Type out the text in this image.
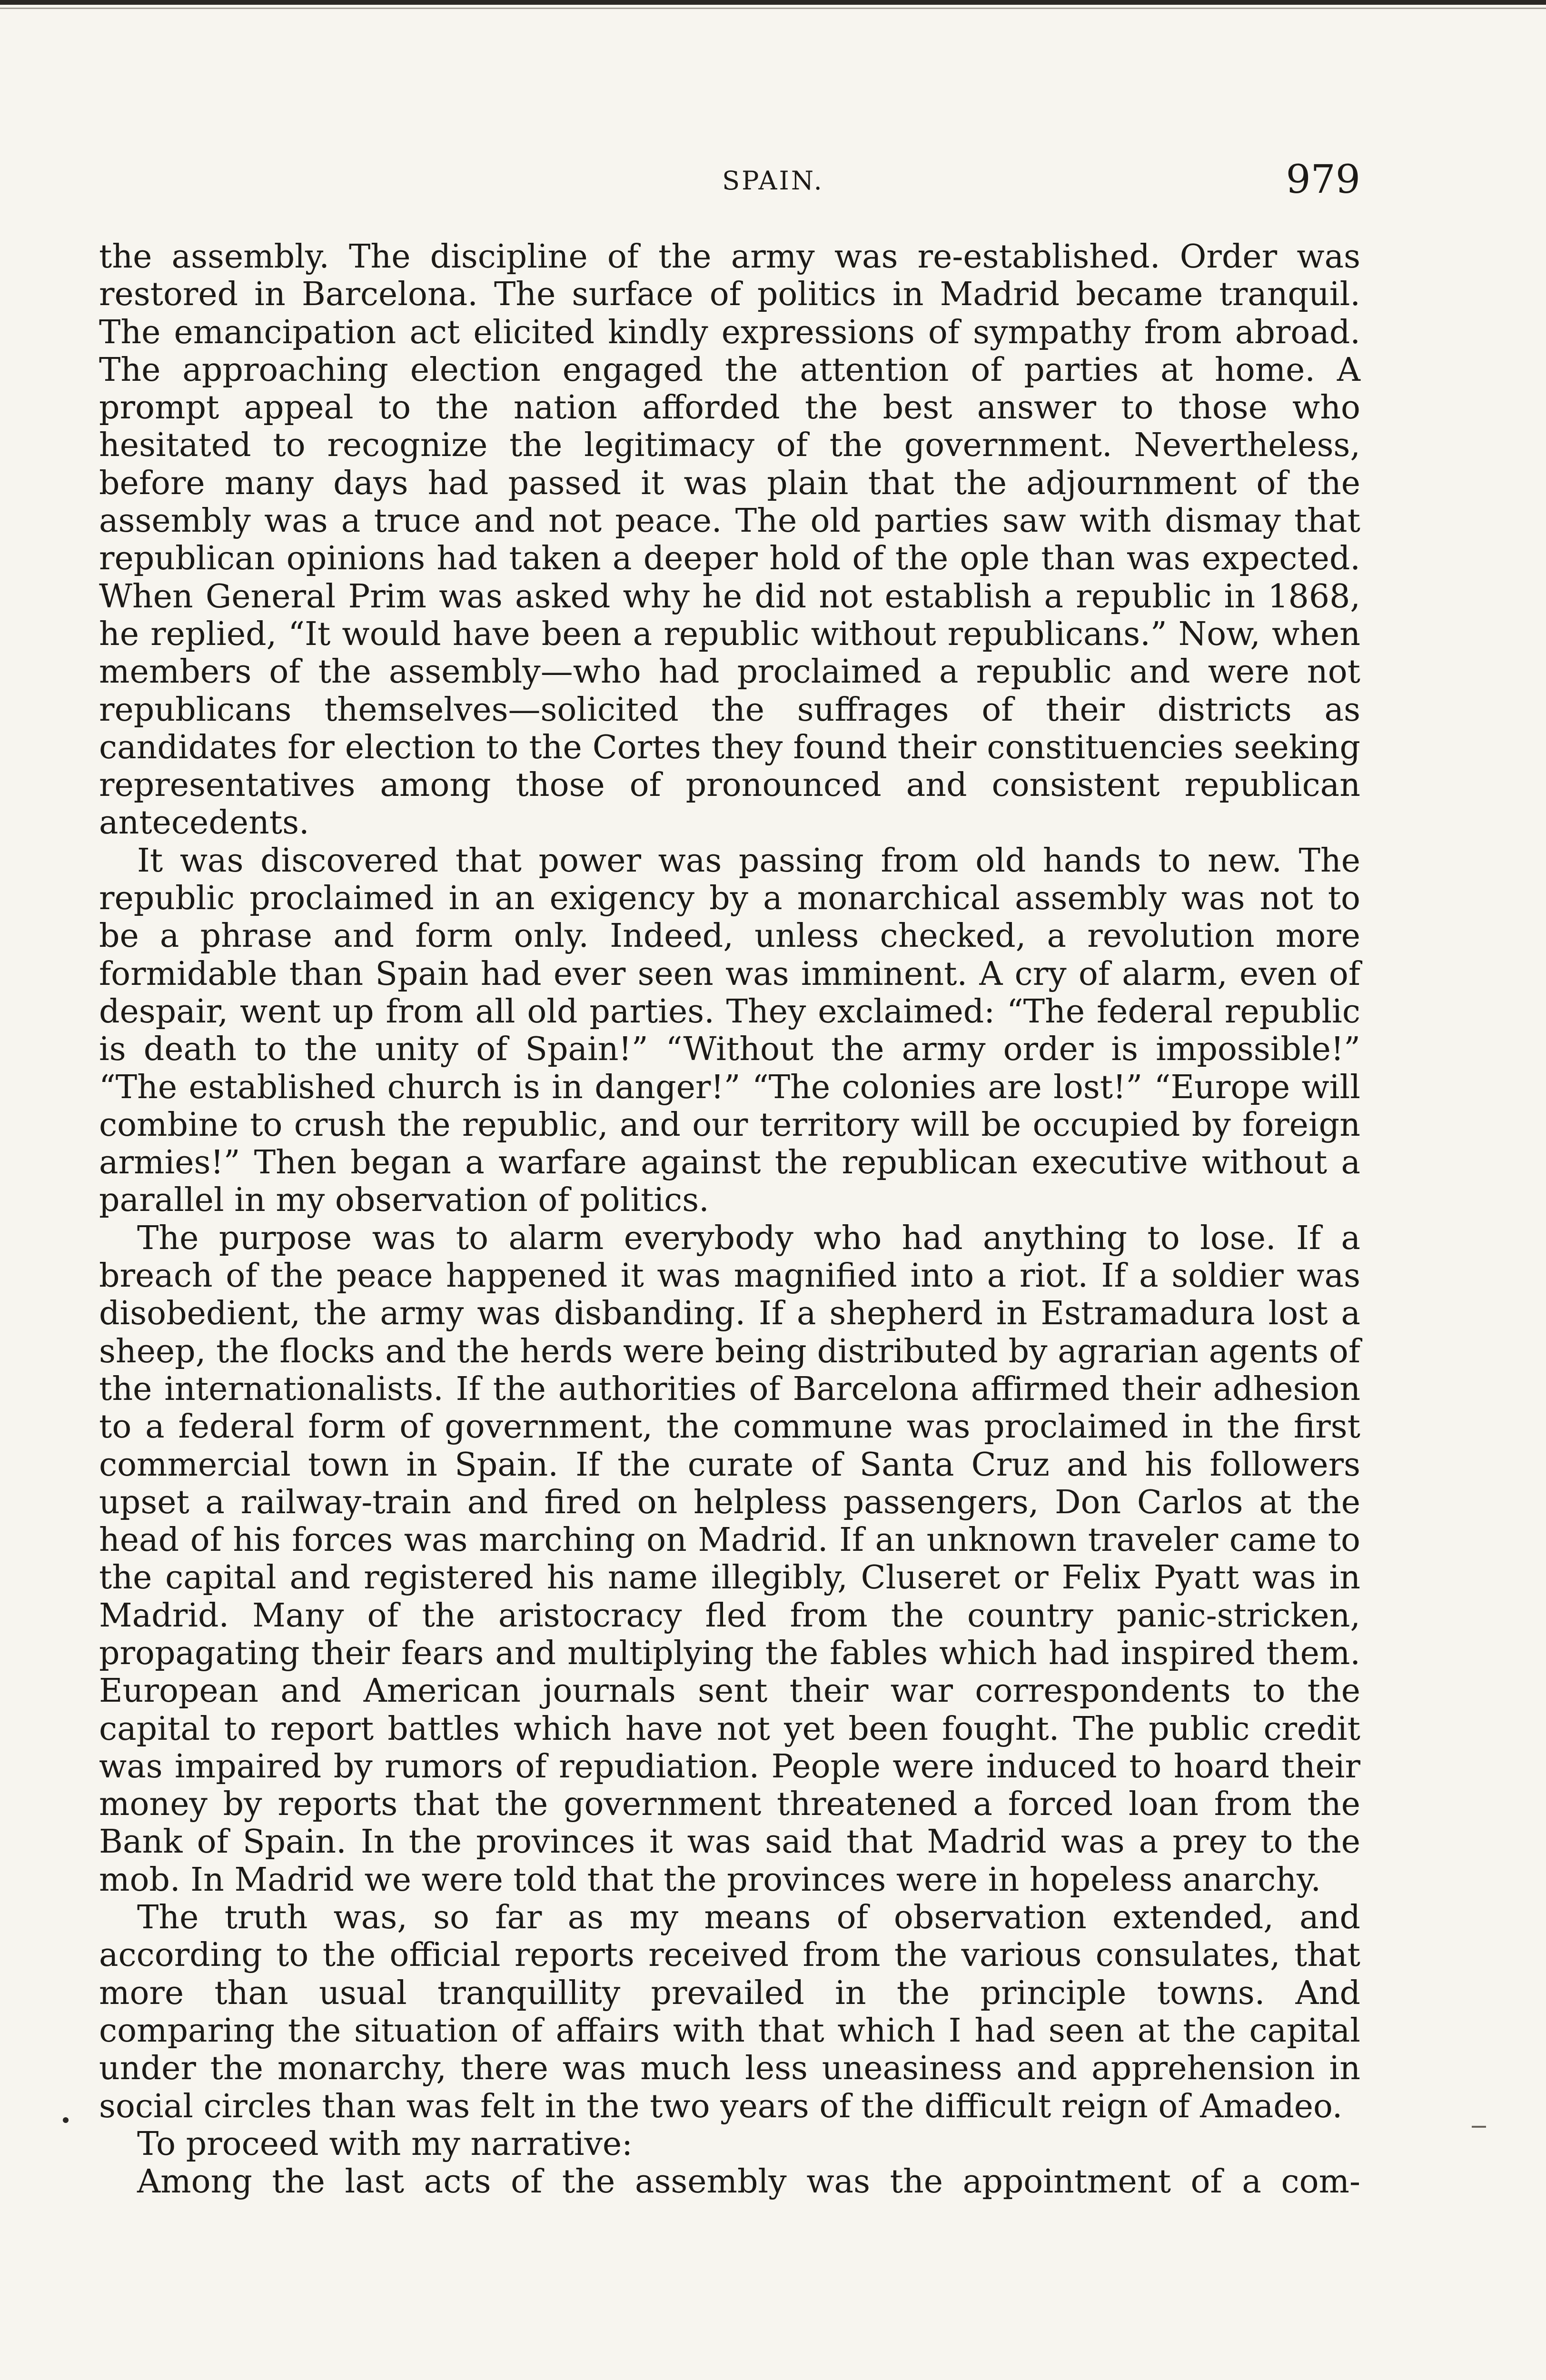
SPAIN.	979

the assembly. The discipline of the army was re-established. Order was restored in Barcelona. The surface of politics in Madrid became tranquil. The emancipation act elicited kindly expressions of sympathy from abroad. The approaching election engaged the attention of parties at home. A prompt appeal to the nation afforded the best answer to those who hesitated to recognize the legitimacy of the government. Nevertheless, before many days had passed it was plain that the adjournment of the assembly was a truce and not peace. The old parties saw with dismay that republican opinions had taken a deeper hold of the ople than was expected. When General Prim was asked why he did not establish a republic in 1868, he replied, “It would have been a republic without republicans.” Now, when members of the assembly—who had proclaimed a republic and were not republicans themselves—solicited the suffrages of their districts as candidates for election to the Cortes they found their constituencies seeking representatives among those of pronounced and consistent republican antecedents.

It was discovered that power was passing from old hands to new. The republic proclaimed in an exigency by a monarchical assembly was not to be a phrase and form only. Indeed, unless checked, a revolution more formidable than Spain had ever seen was imminent. A cry of alarm, even of despair, went up from all old parties. They exclaimed: “The federal republic is death to the unity of Spain!” “Without the army order is impossible!” “The established church is in danger!” “The colonies are lost!” “Europe will combine to crush the republic, and our territory will be occupied by foreign armies!” Then began a warfare against the republican executive without a parallel in my observation of politics.

The purpose was to alarm everybody who had anything to lose. If a breach of the peace happened it was magnified into a riot. If a soldier was disobedient, the army was disbanding. If a shepherd in Estramadura lost a sheep, the flocks and the herds were being distributed by agrarian agents of the internationalists. If the authorities of Barcelona affirmed their adhesion to a federal form of government, the commune was proclaimed in the first commercial town in Spain. If the curate of Santa Cruz and his followers upset a railway-train and fired on helpless passengers, Don Carlos at the head of his forces was marching on Madrid. If an unknown traveler came to the capital and registered his name illegibly, Cluseret or Felix Pyatt was in Madrid. Many of the aristocracy fled from the country panic-stricken, propagating their fears and multiplying the fables which had inspired them. European and American journals sent their war correspondents to the capital to report battles which have not yet been fought. The public credit was impaired by rumors of repudiation. People were induced to hoard their money by reports that the government threatened a forced loan from the Bank of Spain. In the provinces it was said that Madrid was a prey to the mob. In Madrid we were told that the provinces were in hopeless anarchy.

The truth was, so far as my means of observation extended, and according to the official reports received from the various consulates, that more than usual tranquillity prevailed in the principle towns. And comparing the situation of affairs with that which I had seen at the capital under the monarchy, there was much less uneasiness and apprehension in social circles than was felt in the two years of the difficult reign of Amadeo.

To proceed with my narrative:

Among the last acts of the assembly was the appointment of a com-
